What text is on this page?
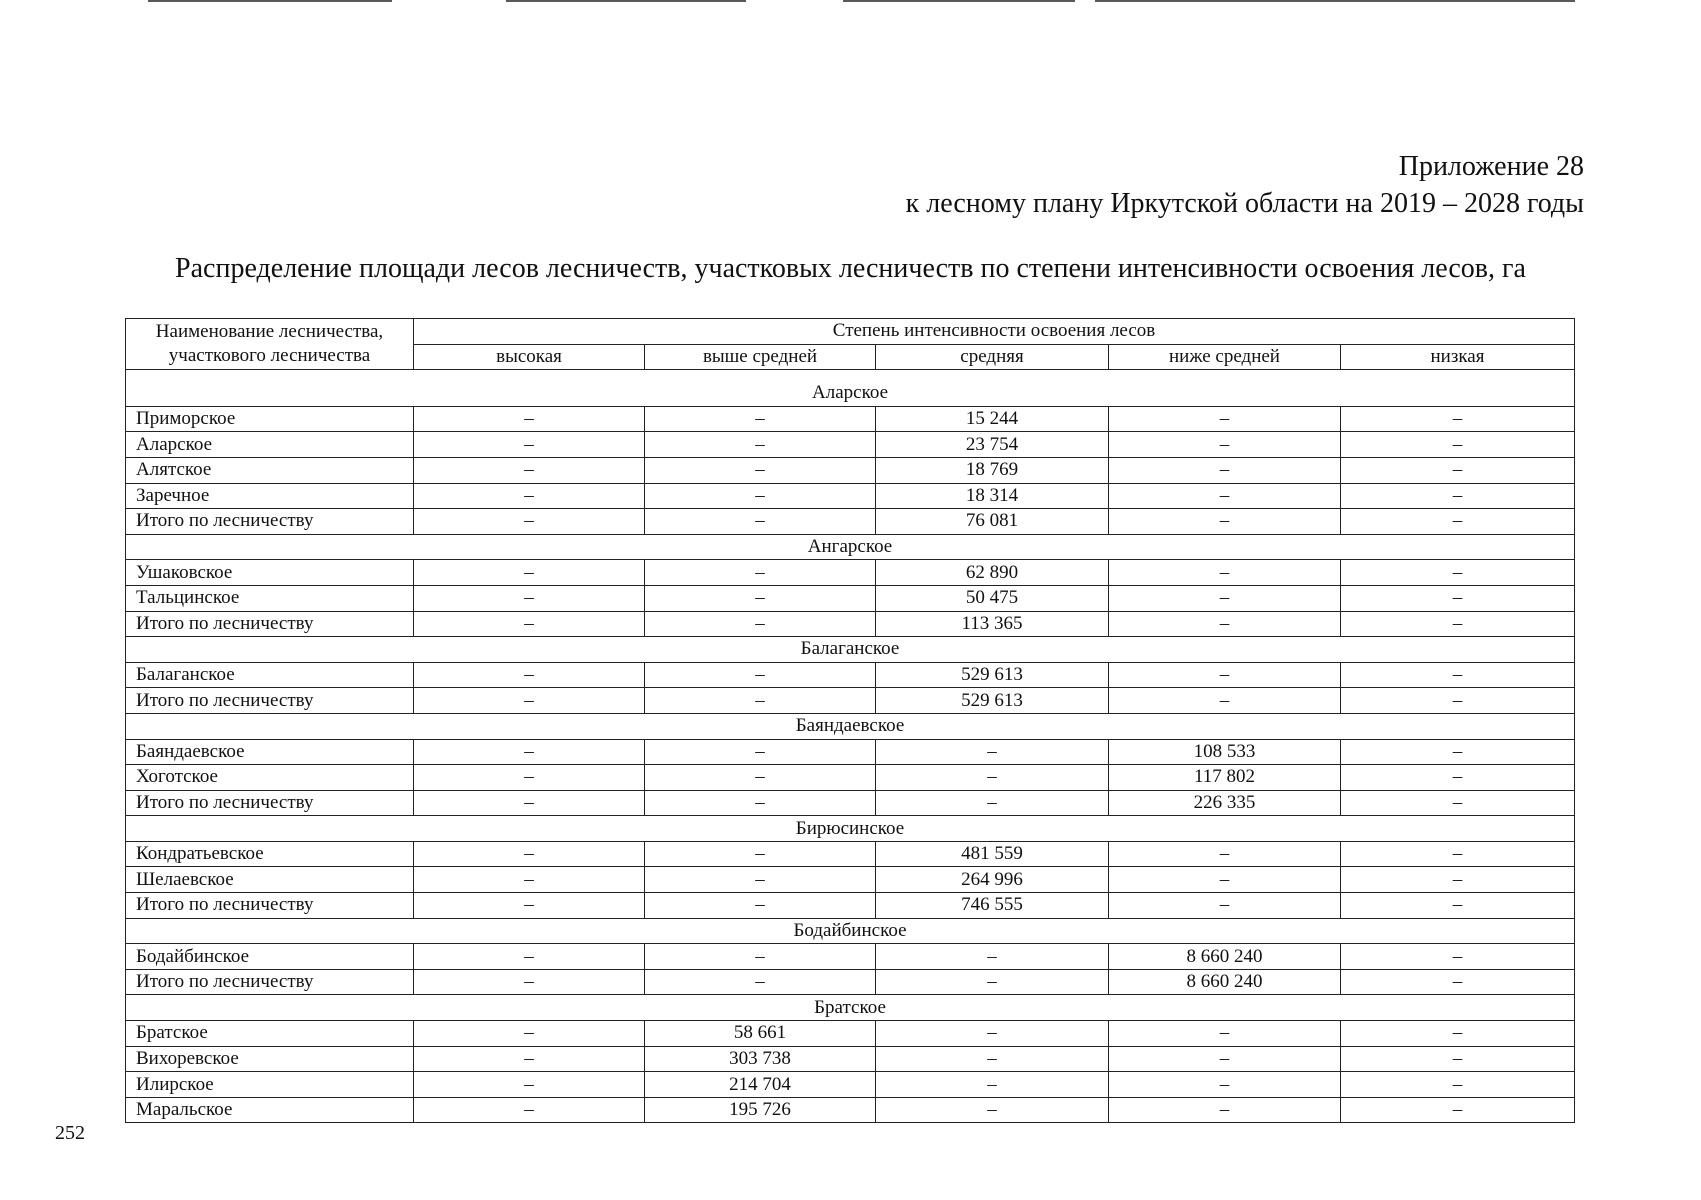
Приложение 28
к лесному плану Иркутской области на 2019 – 2028 годы
Распределение площади лесов лесничеств, участковых лесничеств по степени интенсивности освоения лесов, га
Наименование лесничества, участкового лесничества	Степень интенсивности освоения лесов				
	высокая	выше средней	средняя	ниже средней	низкая

Аларское					
Приморское	–	–	15 244	–	–
Аларское	–	–	23 754	–	–
Алятское	–	–	18 769	–	–
Заречное	–	–	18 314	–	–
Итого по лесничеству	–	–	76 081	–	–
Ангарское					
Ушаковское	–	–	62 890	–	–
Тальцинское	–	–	50 475	–	–
Итого по лесничеству	–	–	113 365	–	–
Балаганское					
Балаганское	–	–	529 613	–	–
Итого по лесничеству	–	–	529 613	–	–
Баяндаевское					
Баяндаевское	–	–	–	108 533	–
Хоготское	–	–	–	117 802	–
Итого по лесничеству	–	–	–	226 335	–
Бирюсинское					
Кондратьевское	–	–	481 559	–	–
Шелаевское	–	–	264 996	–	–
Итого по лесничеству	–	–	746 555	–	–
Бодайбинское					
Бодайбинское	–	–	–	8 660 240	–
Итого по лесничеству	–	–	–	8 660 240	–
Братское					
Братское	–	58 661	–	–	–
Вихоревское	–	303 738	–	–	–
Илирское	–	214 704	–	–	–
Маральское	–	195 726	–	–	–
252
